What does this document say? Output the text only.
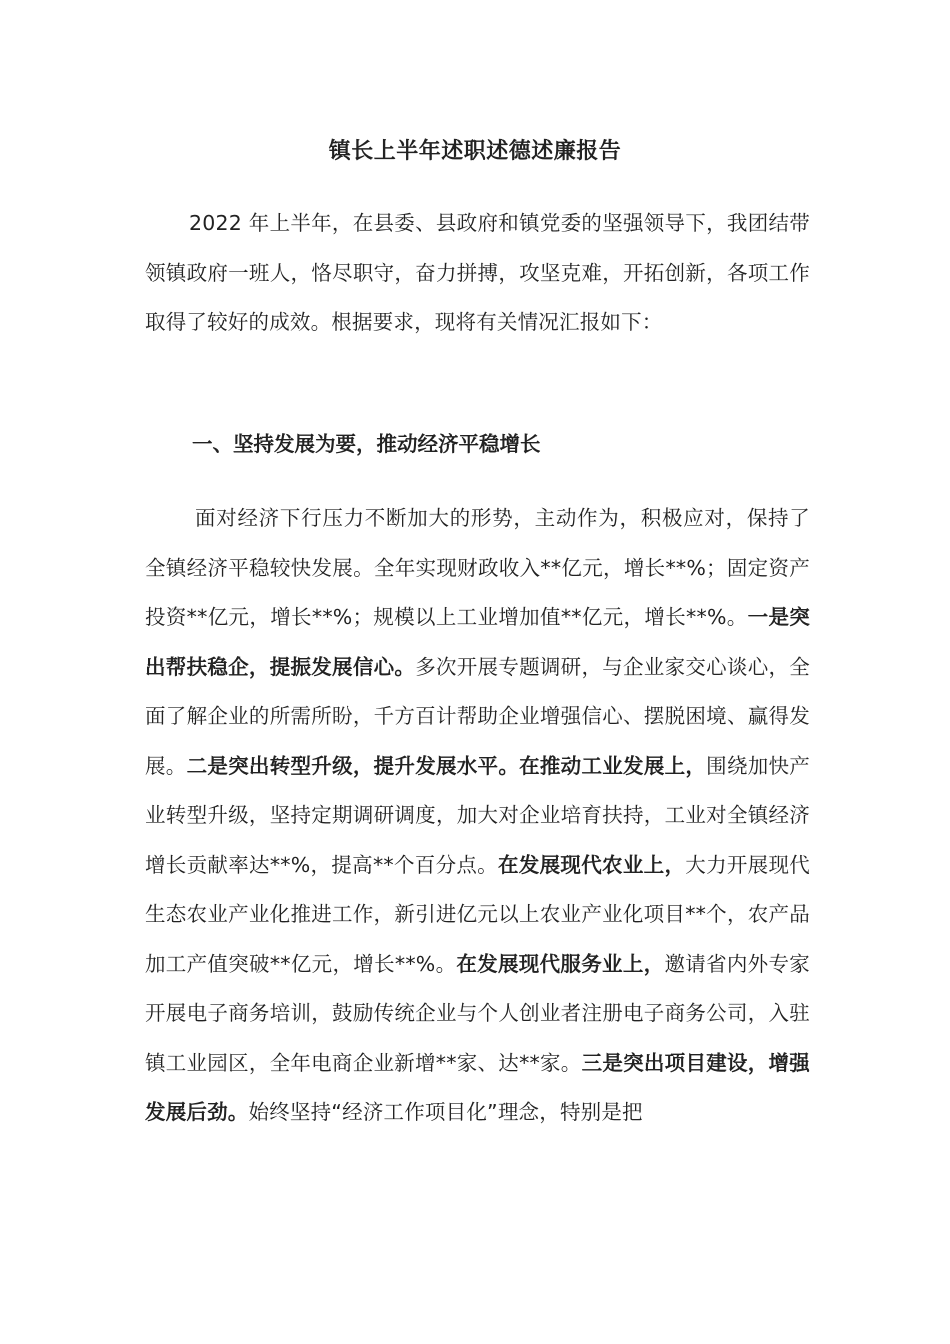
镇长上半年述职述德述廉报告
2022 年上半年，在县委、县政府和镇党委的坚强领导下，我团结带领镇政府一班人，恪尽职守，奋力拼搏，攻坚克难，开拓创新，各项工作取得了较好的成效。根据要求，现将有关情况汇报如下：
一、坚持发展为要，推动经济平稳增长
面对经济下行压力不断加大的形势，主动作为，积极应对，保持了全镇经济平稳较快发展。全年实现财政收入**亿元，增长**%；固定资产投资**亿元，增长**%；规模以上工业增加值**亿元，增长**%。一是突出帮扶稳企，提振发展信心。多次开展专题调研，与企业家交心谈心，全面了解企业的所需所盼，千方百计帮助企业增强信心、摆脱困境、赢得发展。二是突出转型升级，提升发展水平。在推动工业发展上，围绕加快产业转型升级，坚持定期调研调度，加大对企业培育扶持，工业对全镇经济增长贡献率达**%，提高**个百分点。在发展现代农业上，大力开展现代生态农业产业化推进工作，新引进亿元以上农业产业化项目**个，农产品加工产值突破**亿元，增长**%。在发展现代服务业上，邀请省内外专家开展电子商务培训，鼓励传统企业与个人创业者注册电子商务公司，入驻镇工业园区，全年电商企业新增**家、达**家。三是突出项目建设，增强发展后劲。始终坚持“经济工作项目化”理念，特别是把
